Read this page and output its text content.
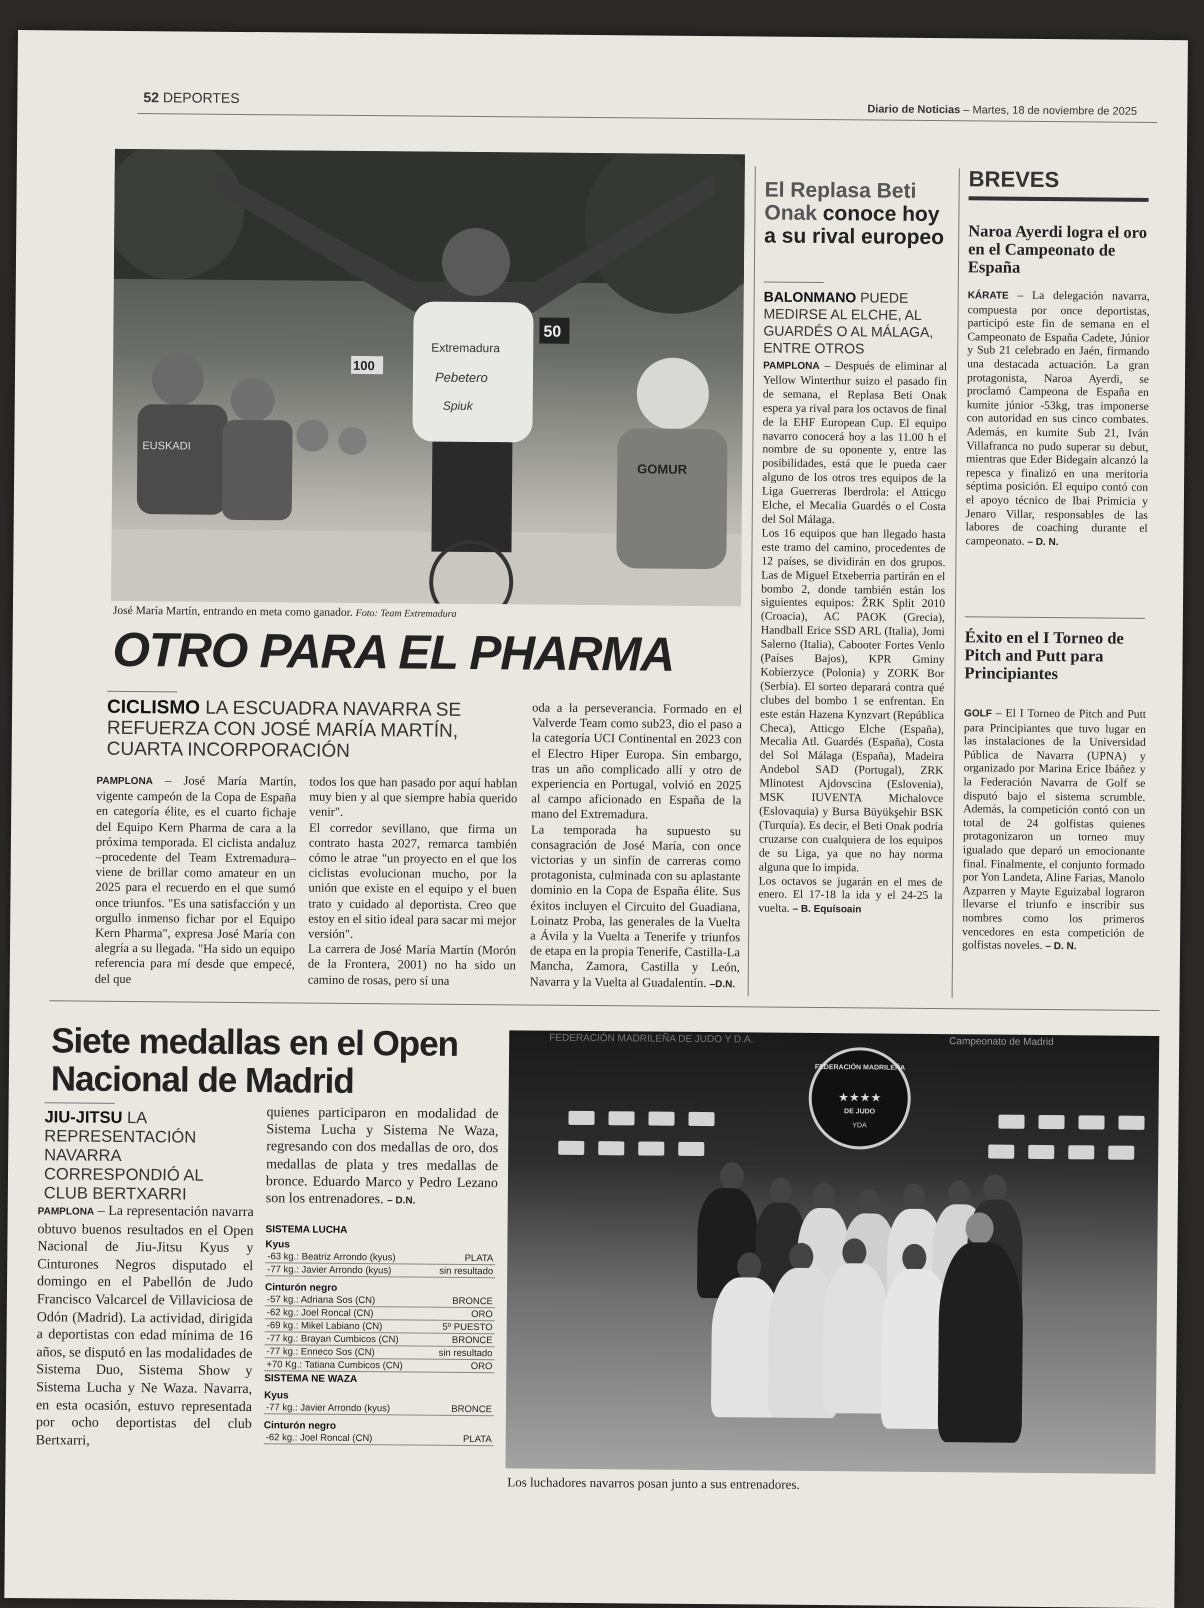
52 DEPORTES
Diario de Noticias – Martes, 18 de noviembre de 2025
Extremadura
Pebetero
Spiuk
EUSKADI
GOMUR
50
100
José María Martín, entrando en meta como ganador. Foto: Team Extremadura
OTRO PARA EL PHARMA
CICLISMO LA ESCUADRA NAVARRA SE REFUERZA CON JOSÉ MARÍA MARTÍN, CUARTA INCORPORACIÓN
PAMPLONA – José María Martín, vigente campeón de la Copa de España en categoría élite, es el cuarto fichaje del Equipo Kern Pharma de cara a la próxima temporada. El ciclista andaluz –procedente del Team Extremadura– viene de brillar como amateur en un 2025 para el recuerdo en el que sumó once triunfos. "Es una satisfacción y un orgullo inmenso fichar por el Equipo Kern Pharma", expresa José María con alegría a su llegada. "Ha sido un equipo referencia para mí desde que empecé, del que
todos los que han pasado por aquí hablan muy bien y al que siempre había querido venir".
El corredor sevillano, que firma un contrato hasta 2027, remarca también cómo le atrae "un proyecto en el que los ciclistas evolucionan mucho, por la unión que existe en el equipo y el buen trato y cuidado al deportista. Creo que estoy en el sitio ideal para sacar mi mejor versión".
La carrera de José María Martín (Morón de la Frontera, 2001) no ha sido un camino de rosas, pero sí una
oda a la perseverancia. Formado en el Valverde Team como sub23, dio el paso a la categoría UCI Continental en 2023 con el Electro Hiper Europa. Sin embargo, tras un año complicado allí y otro de experiencia en Portugal, volvió en 2025 al campo aficionado en España de la mano del Extremadura.
La temporada ha supuesto su consagración de José María, con once victorias y un sinfín de carreras como protagonista, culminada con su aplastante dominio en la Copa de España élite. Sus éxitos incluyen el Circuito del Guadiana, Loinatz Proba, las generales de la Vuelta a Ávila y la Vuelta a Tenerife y triunfos de etapa en la propia Tenerife, Castilla-La Mancha, Zamora, Castilla y León, Navarra y la Vuelta al Guadalentín. –D.N.
El Replasa Beti Onak conoce hoy a su rival europeo
BALONMANO PUEDE MEDIRSE AL ELCHE, AL GUARDÉS O AL MÁLAGA, ENTRE OTROS
PAMPLONA – Después de eliminar al Yellow Winterthur suizo el pasado fin de semana, el Replasa Beti Onak espera ya rival para los octavos de final de la EHF European Cup. El equipo navarro conocerá hoy a las 11.00 h el nombre de su oponente y, entre las posibilidades, está que le pueda caer alguno de los otros tres equipos de la Liga Guerreras Iberdrola: el Atticgo Elche, el Mecalia Guardés o el Costa del Sol Málaga.
Los 16 equipos que han llegado hasta este tramo del camino, procedentes de 12 países, se dividirán en dos grupos. Las de Miguel Etxeberria partirán en el bombo 2, donde también están los siguientes equipos: ŽRK Split 2010 (Croacia), AC PAOK (Grecia), Handball Erice SSD ARL (Italia), Jomi Salerno (Italia), Cabooter Fortes Venlo (Países Bajos), KPR Gminy Kobierzyce (Polonia) y ZORK Bor (Serbia). El sorteo deparará contra qué clubes del bombo 1 se enfrentan. En este están Hazena Kynzvart (República Checa), Atticgo Elche (España), Mecalia Atl. Guardés (España), Costa del Sol Málaga (España), Madeira Andebol SAD (Portugal), ZRK Mlinotest Ajdovscina (Eslovenia), MSK IUVENTA Michalovce (Eslovaquia) y Bursa Büyükşehir BSK (Turquía). Es decir, el Beti Onak podría cruzarse con cualquiera de los equipos de su Liga, ya que no hay norma alguna que lo impida.
Los octavos se jugarán en el mes de enero. El 17-18 la ida y el 24-25 la vuelta. – B. Equísoain
BREVES
Naroa Ayerdi logra el oro en el Campeonato de España
KÁRATE – La delegación navarra, compuesta por once deportistas, participó este fin de semana en el Campeonato de España Cadete, Júnior y Sub 21 celebrado en Jaén, firmando una destacada actuación. La gran protagonista, Naroa Ayerdi, se proclamó Campeona de España en kumite júnior -53kg, tras imponerse con autoridad en sus cinco combates. Además, en kumite Sub 21, Iván Villafranca no pudo superar su debut, mientras que Eder Bidegain alcanzó la repesca y finalizó en una meritoria séptima posición. El equipo contó con el apoyo técnico de Ibai Primicia y Jenaro Villar, responsables de las labores de coaching durante el campeonato. – D. N.
Éxito en el I Torneo de Pitch and Putt para Principiantes
GOLF – El I Torneo de Pitch and Putt para Principiantes que tuvo lugar en las instalaciones de la Universidad Pública de Navarra (UPNA) y organizado por Marina Erice Ibáñez y la Federación Navarra de Golf se disputó bajo el sistema scrumble. Además, la competición contó con un total de 24 golfistas quienes protagonizaron un torneo muy igualado que deparó un emocionante final. Finalmente, el conjunto formado por Yon Landeta, Aline Farias, Manolo Azparren y Mayte Eguizabal lograron llevarse el triunfo e inscribir sus nombres como los primeros vencedores en esta competición de golfistas noveles. – D. N.
Siete medallas en el Open Nacional de Madrid
JIU-JITSU LA REPRESENTACIÓN NAVARRA CORRESPONDIÓ AL CLUB BERTXARRI
PAMPLONA – La representación navarra obtuvo buenos resultados en el Open Nacional de Jiu-Jitsu Kyus y Cinturones Negros disputado el domingo en el Pabellón de Judo Francisco Valcarcel de Villaviciosa de Odón (Madrid). La actividad, dirigida a deportistas con edad mínima de 16 años, se disputó en las modalidades de Sistema Duo, Sistema Show y Sistema Lucha y Ne Waza. Navarra, en esta ocasión, estuvo representada por ocho deportistas del club Bertxarri,
quienes participaron en modalidad de Sistema Lucha y Sistema Ne Waza, regresando con dos medallas de oro, dos medallas de plata y tres medallas de bronce. Eduardo Marco y Pedro Lezano son los entrenadores. – D.N.
SISTEMA LUCHA
Kyus
-63 kg.: Beatriz Arrondo (kyus)	PLATA
-77 kg.: Javier Arrondo (kyus)	sin resultado
Cinturón negro
-57 kg.: Adriana Sos (CN)	BRONCE
-62 kg.: Joel Roncal (CN)	ORO
-69 kg.: Mikel Labiano (CN)	5º PUESTO
-77 kg.: Brayan Cumbicos (CN)	BRONCE
-77 kg.: Enneco Sos (CN)	sin resultado
+70 Kg.: Tatiana Cumbicos (CN)	ORO
SISTEMA NE WAZA
Kyus
-77 kg.: Javier Arrondo (kyus)	BRONCE
Cinturón negro
-62 kg.: Joel Roncal (CN)	PLATA
FEDERACIÓN MADRILEÑA DE JUDO Y D.A.	Campeonato de Madrid
FEDERACIÓN MADRILEÑA
★★★★
DE JUDO
YDA
Los luchadores navarros posan junto a sus entrenadores.
